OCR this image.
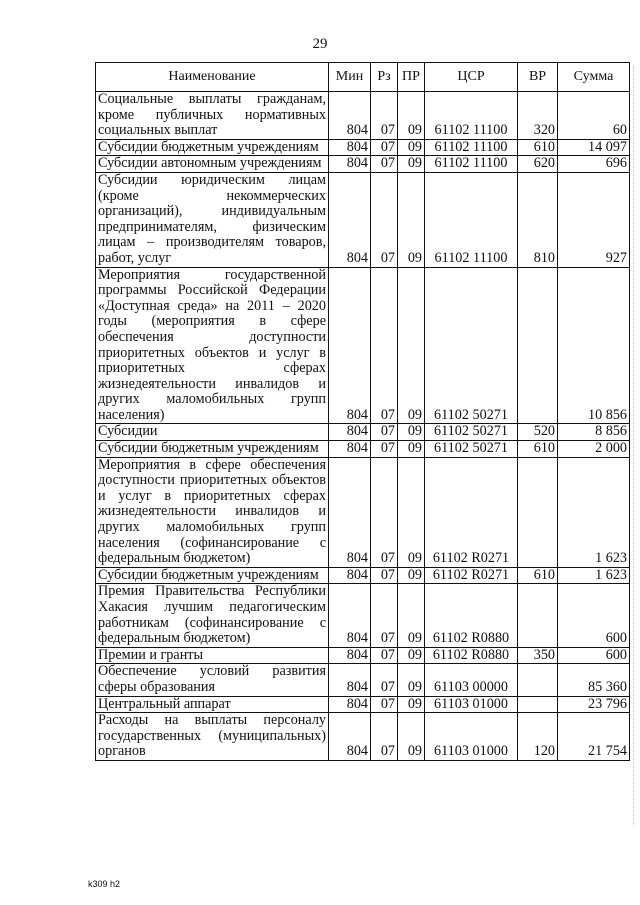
29
Наименование	Мин	Рз	ПР	ЦСР	ВР	Сумма
Социальные выплаты гражданам, кроме публичных нормативных социальных выплат	804	07	09	61102 11100	320	60
Субсидии бюджетным учреждениям	804	07	09	61102 11100	610	14 097
Субсидии автономным учреждениям	804	07	09	61102 11100	620	696
Субсидии юридическим лицам (кроме некоммерческих организаций), индивидуальным предпринимателям, физическим лицам – производителям товаров, работ, услуг	804	07	09	61102 11100	810	927
Мероприятия государственной программы Российской Федерации «Доступная среда» на 2011 – 2020 годы (мероприятия в сфере обеспечения доступности приоритетных объектов и услуг в приоритетных сферах жизнедеятельности инвалидов и других маломобильных групп населения)	804	07	09	61102 50271		10 856
Субсидии	804	07	09	61102 50271	520	8 856
Субсидии бюджетным учреждениям	804	07	09	61102 50271	610	2 000
Мероприятия в сфере обеспечения доступности приоритетных объектов и услуг в приоритетных сферах жизнедеятельности инвалидов и других маломобильных групп населения (софинансирование с федеральным бюджетом)	804	07	09	61102 R0271		1 623
Субсидии бюджетным учреждениям	804	07	09	61102 R0271	610	1 623
Премия Правительства Республики Хакасия лучшим педагогическим работникам (софинансирование с федеральным бюджетом)	804	07	09	61102 R0880		600
Премии и гранты	804	07	09	61102 R0880	350	600
Обеспечение условий развития сферы образования	804	07	09	61103 00000		85 360
Центральный аппарат	804	07	09	61103 01000		23 796
Расходы на выплаты персоналу государственных (муниципальных) органов	804	07	09	61103 01000	120	21 754
k309 h2
